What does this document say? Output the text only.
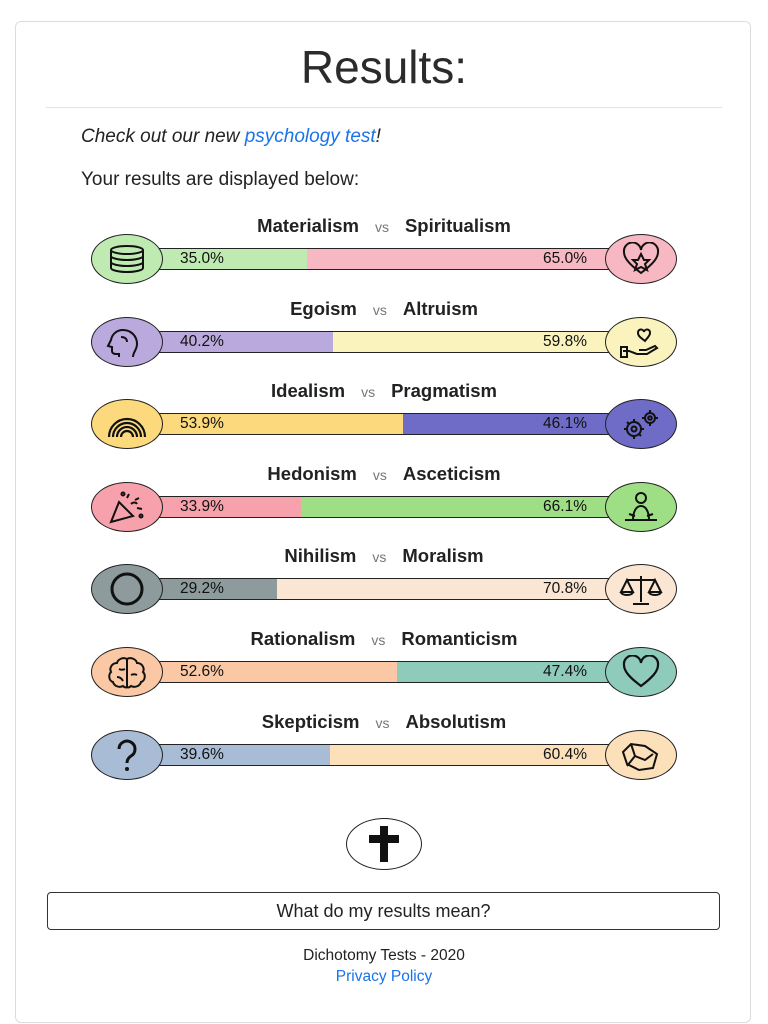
Results:
Check out our new psychology test!
Your results are displayed below:
Materialism vs Spiritualism
35.0%	65.0%
Egoism vs Altruism
40.2%	59.8%
Idealism vs Pragmatism
53.9%	46.1%
Hedonism vs Asceticism
33.9%	66.1%
Nihilism vs Moralism
29.2%	70.8%
Rationalism vs Romanticism
52.6%	47.4%
Skepticism vs Absolutism
39.6%	60.4%
What do my results mean?
Dichotomy Tests - 2020
Privacy Policy
